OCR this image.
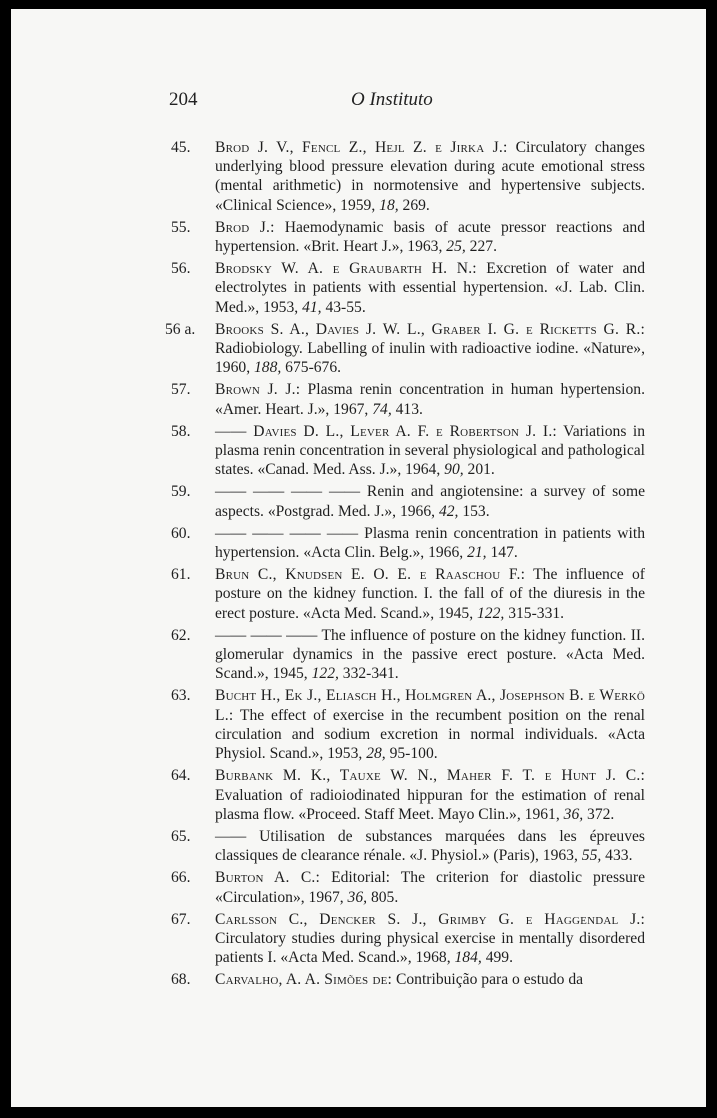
204	O Instituto
45. Brod J. V., Fencl Z., Hejl Z. e Jirka J.: Circulatory changes underlying blood pressure elevation during acute emotional stress (mental arithmetic) in normotensive and hypertensive subjects. «Clinical Science», 1959, 18, 269.
55. Brod J.: Haemodynamic basis of acute pressor reactions and hypertension. «Brit. Heart J.», 1963, 25, 227.
56. Brodsky W. A. e Graubarth H. N.: Excretion of water and electrolytes in patients with essential hypertension. «J. Lab. Clin. Med.», 1953, 41, 43-55.
56 a. Brooks S. A., Davies J. W. L., Graber I. G. e Ricketts G. R.: Radiobiology. Labelling of inulin with radioactive iodine. «Nature», 1960, 188, 675-676.
57. Brown J. J.: Plasma renin concentration in human hypertension. «Amer. Heart. J.», 1967, 74, 413.
58. —— Davies D. L., Lever A. F. e Robertson J. I.: Variations in plasma renin concentration in several physiological and pathological states. «Canad. Med. Ass. J.», 1964, 90, 201.
59. —— —— —— —— Renin and angiotensine: a survey of some aspects. «Postgrad. Med. J.», 1966, 42, 153.
60. —— —— —— —— Plasma renin concentration in patients with hypertension. «Acta Clin. Belg.», 1966, 21, 147.
61. Brun C., Knudsen E. O. E. e Raaschou F.: The influence of posture on the kidney function. I. the fall of of the diuresis in the erect posture. «Acta Med. Scand.», 1945, 122, 315-331.
62. —— —— —— The influence of posture on the kidney function. II. glomerular dynamics in the passive erect posture. «Acta Med. Scand.», 1945, 122, 332-341.
63. Bucht H., Ek J., Eliasch H., Holmgren A., Josephson B. e Werkö L.: The effect of exercise in the recumbent position on the renal circulation and sodium excretion in normal individuals. «Acta Physiol. Scand.», 1953, 28, 95-100.
64. Burbank M. K., Tauxe W. N., Maher F. T. e Hunt J. C.: Evaluation of radioiodinated hippuran for the estimation of renal plasma flow. «Proceed. Staff Meet. Mayo Clin.», 1961, 36, 372.
65. —— Utilisation de substances marquées dans les épreuves classiques de clearance rénale. «J. Physiol.» (Paris), 1963, 55, 433.
66. Burton A. C.: Editorial: The criterion for diastolic pressure «Circulation», 1967, 36, 805.
67. Carlsson C., Dencker S. J., Grimby G. e Haggendal J.: Circulatory studies during physical exercise in mentally disordered patients I. «Acta Med. Scand.», 1968, 184, 499.
68. Carvalho, A. A. Simões de: Contribuição para o estudo da
